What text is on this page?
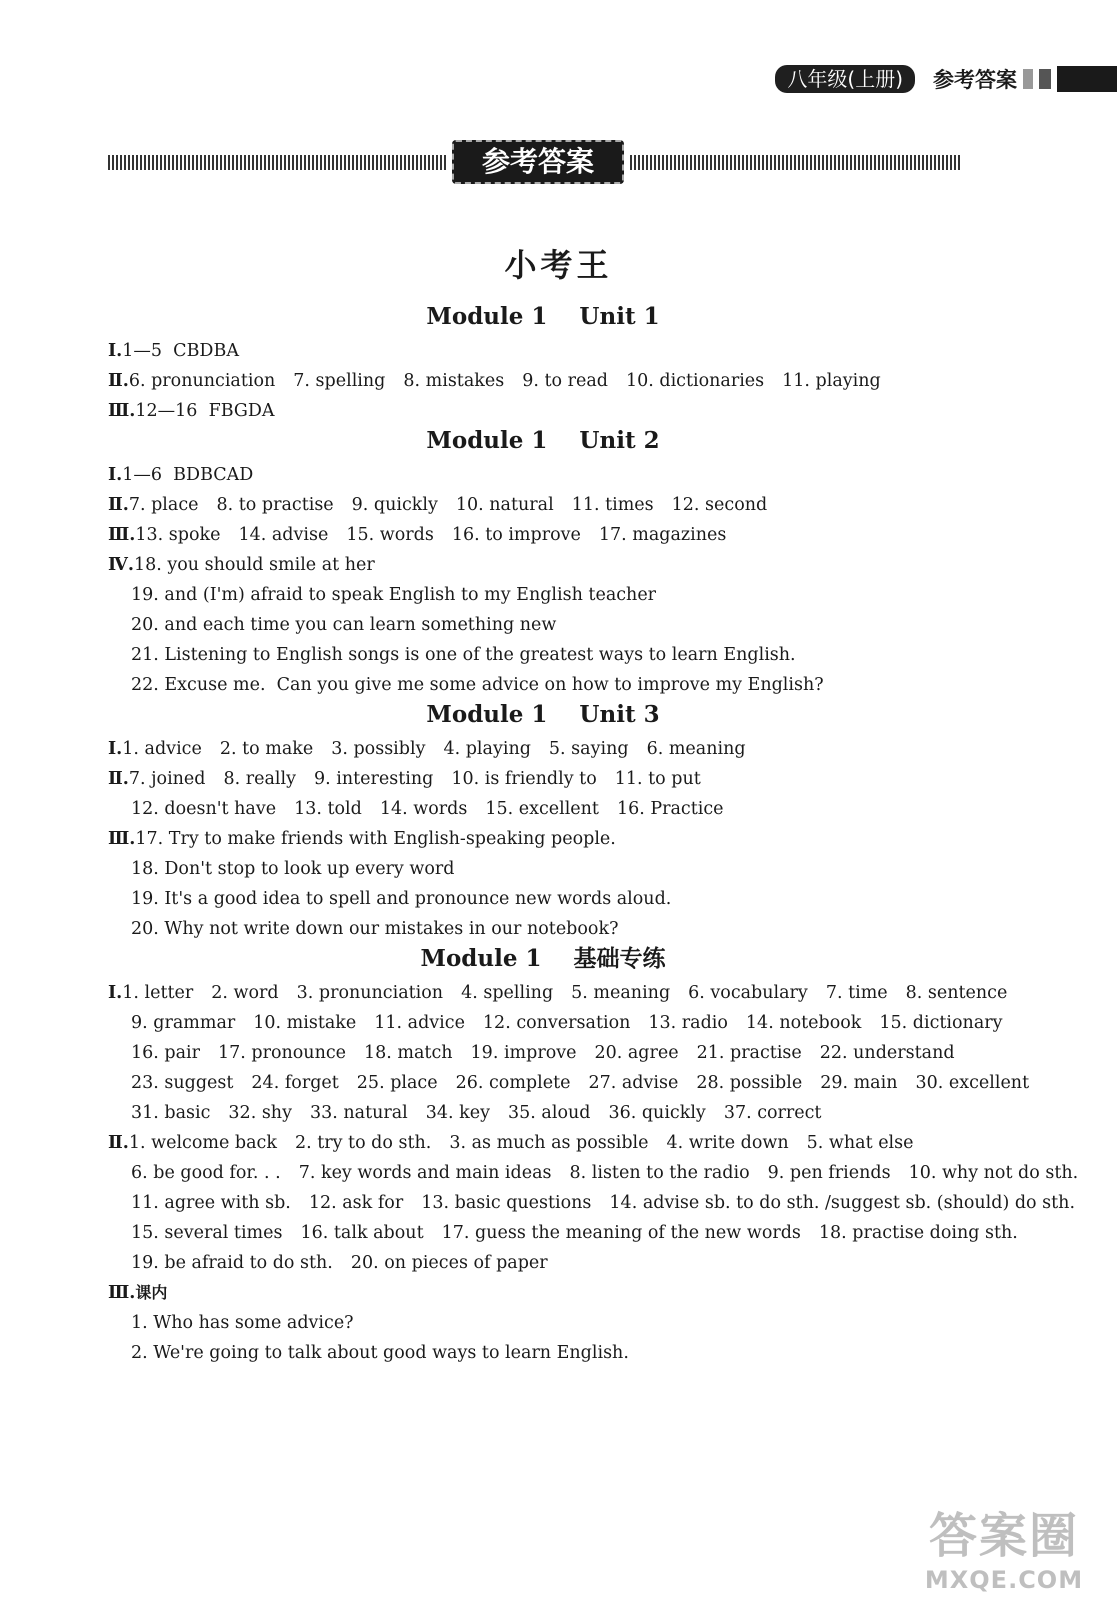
八年级(上册)	参考答案
参考答案
小考王
Module 1    Unit 1
Ⅰ.1—5  CBDBA
Ⅱ.6. pronunciation 7. spelling 8. mistakes 9. to read 10. dictionaries 11. playing
Ⅲ.12—16  FBGDA
Module 1    Unit 2
Ⅰ.1—6  BDBCAD
Ⅱ.7. place 8. to practise 9. quickly 10. natural 11. times 12. second
Ⅲ.13. spoke 14. advise 15. words 16. to improve 17. magazines
Ⅳ.18. you should smile at her
19. and (I'm) afraid to speak English to my English teacher
20. and each time you can learn something new
21. Listening to English songs is one of the greatest ways to learn English.
22. Excuse me.  Can you give me some advice on how to improve my English?
Module 1    Unit 3
Ⅰ.1. advice 2. to make 3. possibly 4. playing 5. saying 6. meaning
Ⅱ.7. joined 8. really 9. interesting 10. is friendly to 11. to put
12. doesn't have 13. told 14. words 15. excellent 16. Practice
Ⅲ.17. Try to make friends with English-speaking people.
18. Don't stop to look up every word
19. It's a good idea to spell and pronounce new words aloud.
20. Why not write down our mistakes in our notebook?
Module 1    基础专练
Ⅰ.1. letter 2. word 3. pronunciation 4. spelling 5. meaning 6. vocabulary 7. time 8. sentence
9. grammar 10. mistake 11. advice 12. conversation 13. radio 14. notebook 15. dictionary
16. pair 17. pronounce 18. match 19. improve 20. agree 21. practise 22. understand
23. suggest 24. forget 25. place 26. complete 27. advise 28. possible 29. main 30. excellent
31. basic 32. shy 33. natural 34. key 35. aloud 36. quickly 37. correct
Ⅱ.1. welcome back 2. try to do sth. 3. as much as possible 4. write down 5. what else
6. be good for. . . 7. key words and main ideas 8. listen to the radio 9. pen friends 10. why not do sth.
11. agree with sb. 12. ask for 13. basic questions 14. advise sb. to do sth. /suggest sb. (should) do sth.
15. several times 16. talk about 17. guess the meaning of the new words 18. practise doing sth.
19. be afraid to do sth. 20. on pieces of paper
Ⅲ.课内
1. Who has some advice?
2. We're going to talk about good ways to learn English.
答案圈
MXQE.COM
